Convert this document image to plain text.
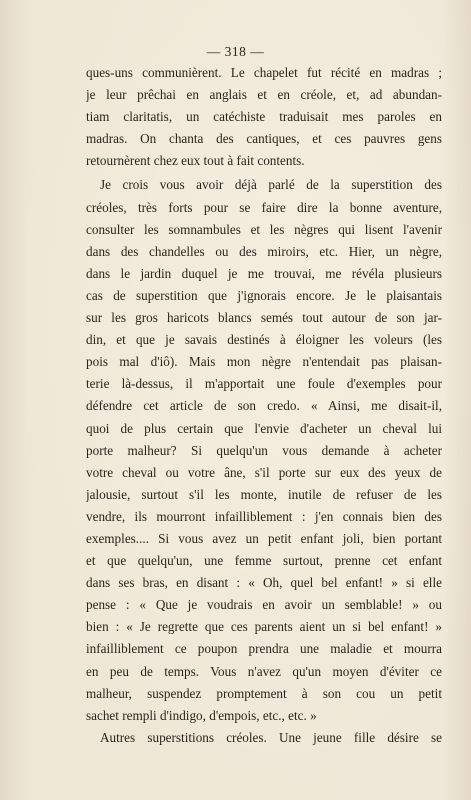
— 318 —
ques-uns communièrent. Le chapelet fut récité en madras ;
je leur prêchai en anglais et en créole, et, ad abundan-
tiam claritatis, un catéchiste traduisait mes paroles en
madras. On chanta des cantiques, et ces pauvres gens
retournèrent chez eux tout à fait contents.
Je crois vous avoir déjà parlé de la superstition des
créoles, très forts pour se faire dire la bonne aventure,
consulter les somnambules et les nègres qui lisent l'avenir
dans des chandelles ou des miroirs, etc. Hier, un nègre,
dans le jardin duquel je me trouvai, me révéla plusieurs
cas de superstition que j'ignorais encore. Je le plaisantais
sur les gros haricots blancs semés tout autour de son jar-
din, et que je savais destinés à éloigner les voleurs (les
pois mal d'iô). Mais mon nègre n'entendait pas plaisan-
terie là-dessus, il m'apportait une foule d'exemples pour
défendre cet article de son credo. « Ainsi, me disait-il,
quoi de plus certain que l'envie d'acheter un cheval lui
porte malheur? Si quelqu'un vous demande à acheter
votre cheval ou votre âne, s'il porte sur eux des yeux de
jalousie, surtout s'il les monte, inutile de refuser de les
vendre, ils mourront infailliblement : j'en connais bien des
exemples.... Si vous avez un petit enfant joli, bien portant
et que quelqu'un, une femme surtout, prenne cet enfant
dans ses bras, en disant : « Oh, quel bel enfant! » si elle
pense : « Que je voudrais en avoir un semblable! » ou
bien : « Je regrette que ces parents aient un si bel enfant! »
infailliblement ce poupon prendra une maladie et mourra
en peu de temps. Vous n'avez qu'un moyen d'éviter ce
malheur, suspendez promptement à son cou un petit
sachet rempli d'indigo, d'empois, etc., etc. »
Autres superstitions créoles. Une jeune fille désire se
